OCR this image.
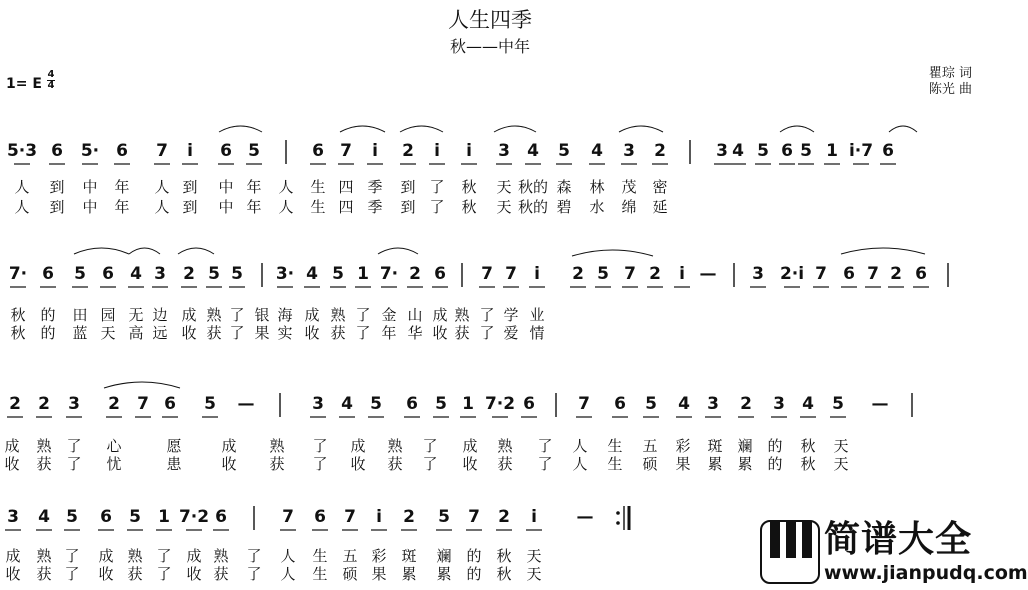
人生四季
秋——中年
1= E
4
4
瞿琮 词
陈光 曲
5·3 6 5· 6 7 i 6 5	6 7 i 2 i i 3 4 5 4 3 2	3 4 5 6 5 1 i·7 6
7· 6 5 6 4 3 2 5 5 3· 4 5 1 7· 2 6 7 7 i 2 5 7 2 i — 3 2·i 7 6 7 2 6
2 2 3 2 7 6 5 —	3 4 5 6 5 1 7·2 6	7 6 5 4 3 2 3 4 5 —
3 4 5 6 5 1 7·2 6	7 6 7 i 2 5 7 2 i —
人 到 中 年 人 到 中 年 人 生 四 季 到 了 秋 天 秋的 森 林 茂 密
人 到 中 年 人 到 中 年 人 生 四 季 到 了 秋 天 秋的 碧 水 绵 延
秋 的 田 园 无 边 成 熟 了 银 海 成 熟 了 金 山 成 熟 了 学 业
秋 的 蓝 天 高 远 收 获 了 果 实 收 获 了 年 华 收 获 了 爱 情
成 熟 了 心	愿	成 熟 了 成 熟 了 成 熟 了 人 生 五 彩 斑 斓 的 秋 天
收 获 了 忧	患	收 获 了 收 获 了 收 获 了 人 生 硕 果 累 累 的 秋 天
成 熟 了 成 熟 了 成 熟 了 人 生 五 彩 斑 斓 的 秋 天
收 获 了 收 获 了 收 获 了 人 生 硕 果 累 累 的 秋 天
简谱大全
www.jianpudq.com
